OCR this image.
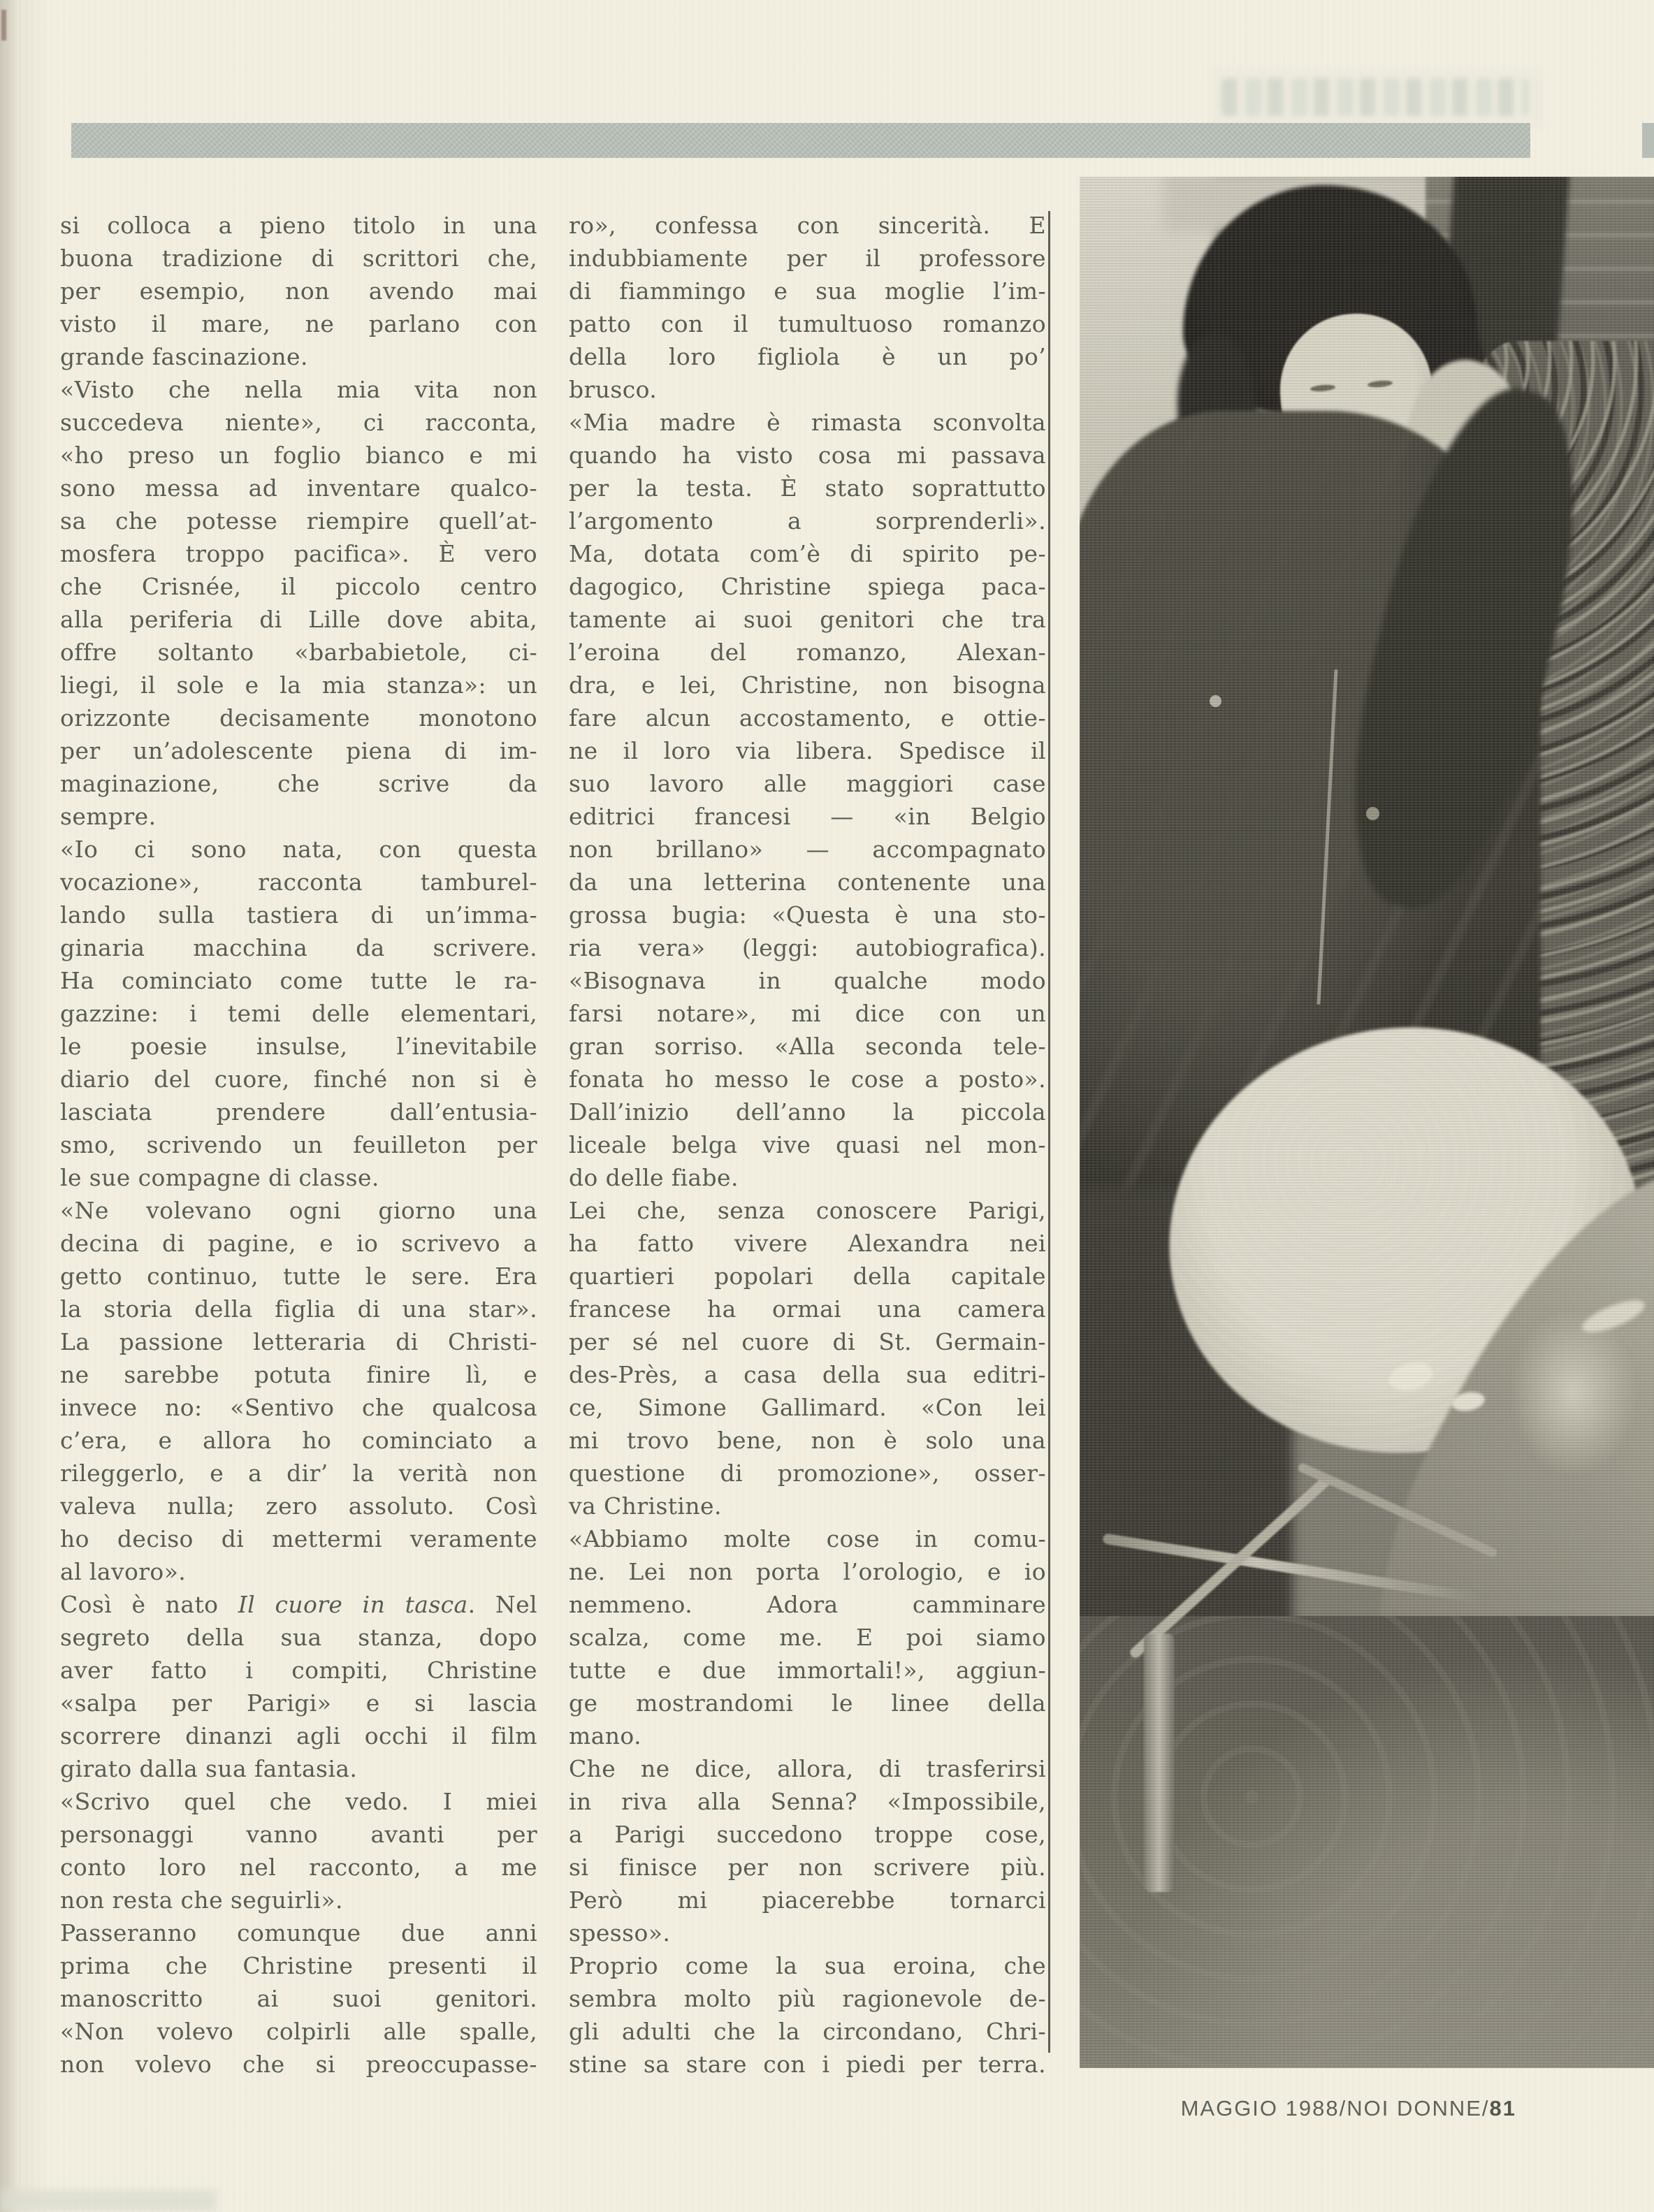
si colloca a pieno titolo in una
buona tradizione di scrittori che,
per esempio, non avendo mai
visto il mare, ne parlano con
grande fascinazione.
«Visto che nella mia vita non
succedeva niente», ci racconta,
«ho preso un foglio bianco e mi
sono messa ad inventare qualco-
sa che potesse riempire quell’at-
mosfera troppo pacifica». È vero
che Crisnée, il piccolo centro
alla periferia di Lille dove abita,
offre soltanto «barbabietole, ci-
liegi, il sole e la mia stanza»: un
orizzonte decisamente monotono
per un’adolescente piena di im-
maginazione, che scrive da
sempre.
«Io ci sono nata, con questa
vocazione», racconta tamburel-
lando sulla tastiera di un’imma-
ginaria macchina da scrivere.
Ha cominciato come tutte le ra-
gazzine: i temi delle elementari,
le poesie insulse, l’inevitabile
diario del cuore, finché non si è
lasciata prendere dall’entusia-
smo, scrivendo un feuilleton per
le sue compagne di classe.
«Ne volevano ogni giorno una
decina di pagine, e io scrivevo a
getto continuo, tutte le sere. Era
la storia della figlia di una star».
La passione letteraria di Christi-
ne sarebbe potuta finire lì, e
invece no: «Sentivo che qualcosa
c’era, e allora ho cominciato a
rileggerlo, e a dir’ la verità non
valeva nulla; zero assoluto. Così
ho deciso di mettermi veramente
al lavoro».
Così è nato Il cuore in tasca. Nel
segreto della sua stanza, dopo
aver fatto i compiti, Christine
«salpa per Parigi» e si lascia
scorrere dinanzi agli occhi il film
girato dalla sua fantasia.
«Scrivo quel che vedo. I miei
personaggi vanno avanti per
conto loro nel racconto, a me
non resta che seguirli».
Passeranno comunque due anni
prima che Christine presenti il
manoscritto ai suoi genitori.
«Non volevo colpirli alle spalle,
non volevo che si preoccupasse-
ro», confessa con sincerità. E
indubbiamente per il professore
di fiammingo e sua moglie l’im-
patto con il tumultuoso romanzo
della loro figliola è un po’
brusco.
«Mia madre è rimasta sconvolta
quando ha visto cosa mi passava
per la testa. È stato soprattutto
l’argomento a sorprenderli».
Ma, dotata com’è di spirito pe-
dagogico, Christine spiega paca-
tamente ai suoi genitori che tra
l’eroina del romanzo, Alexan-
dra, e lei, Christine, non bisogna
fare alcun accostamento, e ottie-
ne il loro via libera. Spedisce il
suo lavoro alle maggiori case
editrici francesi — «in Belgio
non brillano» — accompagnato
da una letterina contenente una
grossa bugia: «Questa è una sto-
ria vera» (leggi: autobiografica).
«Bisognava in qualche modo
farsi notare», mi dice con un
gran sorriso. «Alla seconda tele-
fonata ho messo le cose a posto».
Dall’inizio dell’anno la piccola
liceale belga vive quasi nel mon-
do delle fiabe.
Lei che, senza conoscere Parigi,
ha fatto vivere Alexandra nei
quartieri popolari della capitale
francese ha ormai una camera
per sé nel cuore di St. Germain-
des-Près, a casa della sua editri-
ce, Simone Gallimard. «Con lei
mi trovo bene, non è solo una
questione di promozione», osser-
va Christine.
«Abbiamo molte cose in comu-
ne. Lei non porta l’orologio, e io
nemmeno. Adora camminare
scalza, come me. E poi siamo
tutte e due immortali!», aggiun-
ge mostrandomi le linee della
mano.
Che ne dice, allora, di trasferirsi
in riva alla Senna? «Impossibile,
a Parigi succedono troppe cose,
si finisce per non scrivere più.
Però mi piacerebbe tornarci
spesso».
Proprio come la sua eroina, che
sembra molto più ragionevole de-
gli adulti che la circondano, Chri-
stine sa stare con i piedi per terra.
MAGGIO 1988/NOI DONNE/81
